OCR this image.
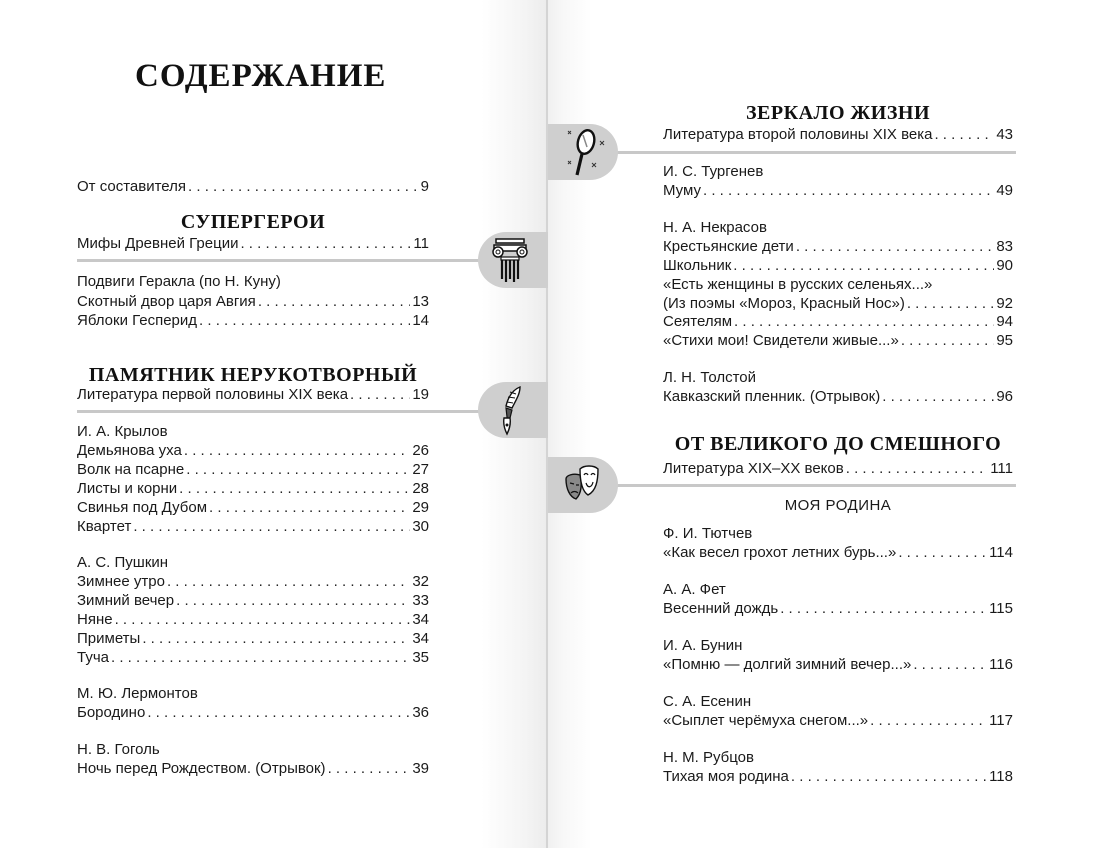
СОДЕРЖАНИЕ
От составителя . . .	9
СУПЕРГЕРОИ
Мифы Древней Греции . . .	11
Подвиги Геракла (по Н. Куну)
Скотный двор царя Авгия . . .	13
Яблоки Гесперид . . .	14
ПАМЯТНИК НЕРУКОТВОРНЫЙ
Литература первой половины XIX века . . .	19
И. А. Крылов
Демьянова уха . . .	26
Волк на псарне . . .	27
Листы и корни . . .	28
Свинья под Дубом . . .	29
Квартет . . .	30
А. С. Пушкин
Зимнее утро . . .	32
Зимний вечер . . .	33
Няне . . .	34
Приметы . . .	34
Туча . . .	35
М. Ю. Лермонтов
Бородино . . .	36
Н. В. Гоголь
Ночь перед Рождеством. (Отрывок) . . .	39
ЗЕРКАЛО ЖИЗНИ
Литература второй половины XIX века . . .	43
И. С. Тургенев
Муму . . .	49
Н. А. Некрасов
Крестьянские дети . . .	83
Школьник . . .	90
«Есть женщины в русских селеньях...»
(Из поэмы «Мороз, Красный Нос») . . .	92
Сеятелям . . .	94
«Стихи мои! Свидетели живые...» . . .	95
Л. Н. Толстой
Кавказский пленник. (Отрывок) . . .	96
ОТ ВЕЛИКОГО ДО СМЕШНОГО
Литература XIX–XX веков . . .	111
МОЯ РОДИНА
Ф. И. Тютчев
«Как весел грохот летних бурь...» . . .	114
А. А. Фет
Весенний дождь . . .	115
И. А. Бунин
«Помню — долгий зимний вечер...» . . .	116
С. А. Есенин
«Сыплет черёмуха снегом...» . . .	117
Н. М. Рубцов
Тихая моя родина . . .	118
